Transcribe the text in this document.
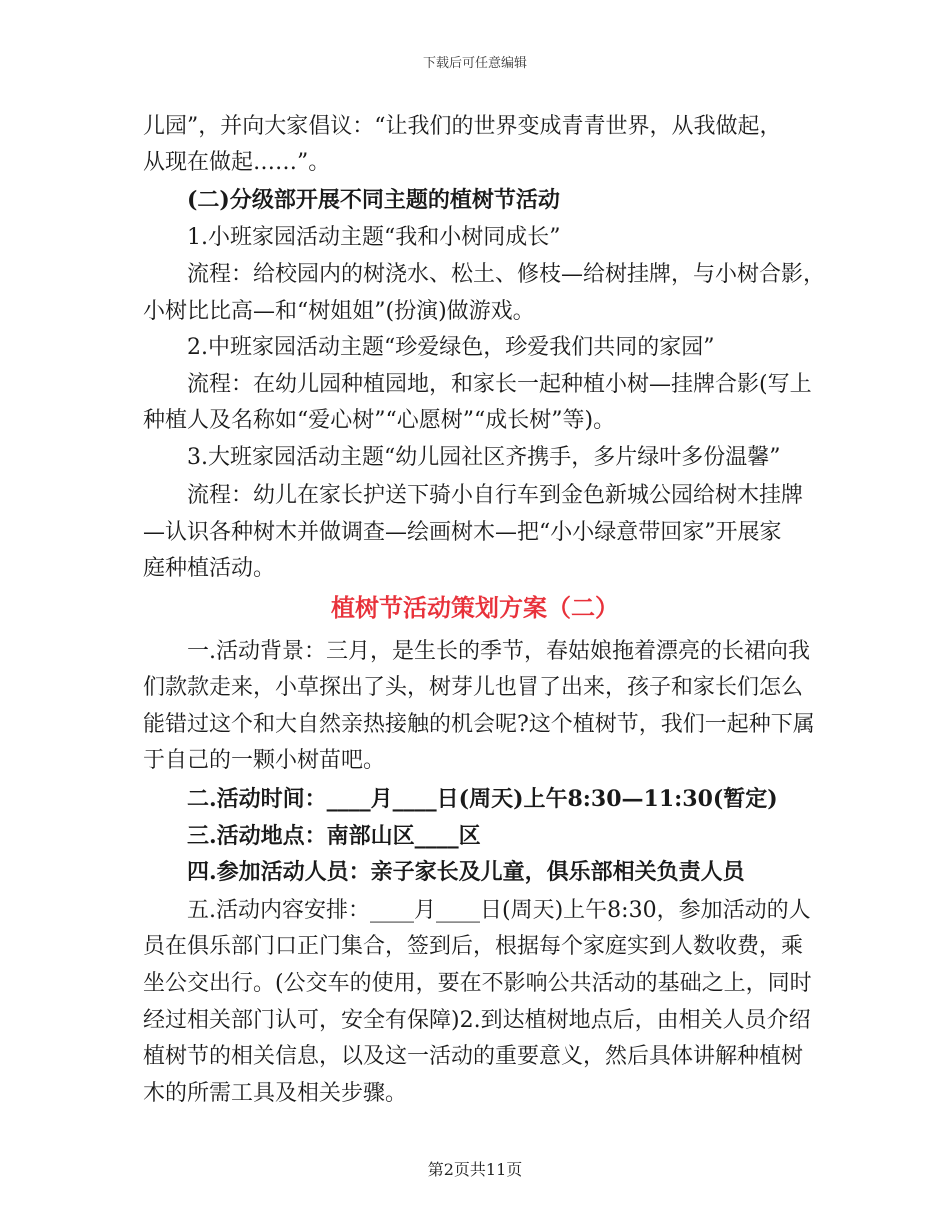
下载后可任意编辑
儿园”，并向大家倡议：“让我们的世界变成青青世界，从我做起，
从现在做起……”。
(二)分级部开展不同主题的植树节活动
1.小班家园活动主题“我和小树同成长”
流程：给校园内的树浇水、松土、修枝—给树挂牌，与小树合影，
小树比比高—和“树姐姐”(扮演)做游戏。
2.中班家园活动主题“珍爱绿色，珍爱我们共同的家园”
流程：在幼儿园种植园地，和家长一起种植小树—挂牌合影(写上
种植人及名称如“爱心树”“心愿树”“成长树”等)。
3.大班家园活动主题“幼儿园社区齐携手，多片绿叶多份温馨”
流程：幼儿在家长护送下骑小自行车到金色新城公园给树木挂牌
—认识各种树木并做调查—绘画树木—把“小小绿意带回家”开展家
庭种植活动。
植树节活动策划方案（二）
一.活动背景：三月，是生长的季节，春姑娘拖着漂亮的长裙向我
们款款走来，小草探出了头，树芽儿也冒了出来，孩子和家长们怎么
能错过这个和大自然亲热接触的机会呢?这个植树节，我们一起种下属
于自己的一颗小树苗吧。
二.活动时间：____月____日(周天)上午8:30—11:30(暂定)
三.活动地点：南部山区____区
四.参加活动人员：亲子家长及儿童，俱乐部相关负责人员
五.活动内容安排：____月____日(周天)上午8:30，参加活动的人
员在俱乐部门口正门集合，签到后，根据每个家庭实到人数收费，乘
坐公交出行。(公交车的使用，要在不影响公共活动的基础之上，同时
经过相关部门认可，安全有保障)2.到达植树地点后，由相关人员介绍
植树节的相关信息，以及这一活动的重要意义，然后具体讲解种植树
木的所需工具及相关步骤。
第2页共11页
